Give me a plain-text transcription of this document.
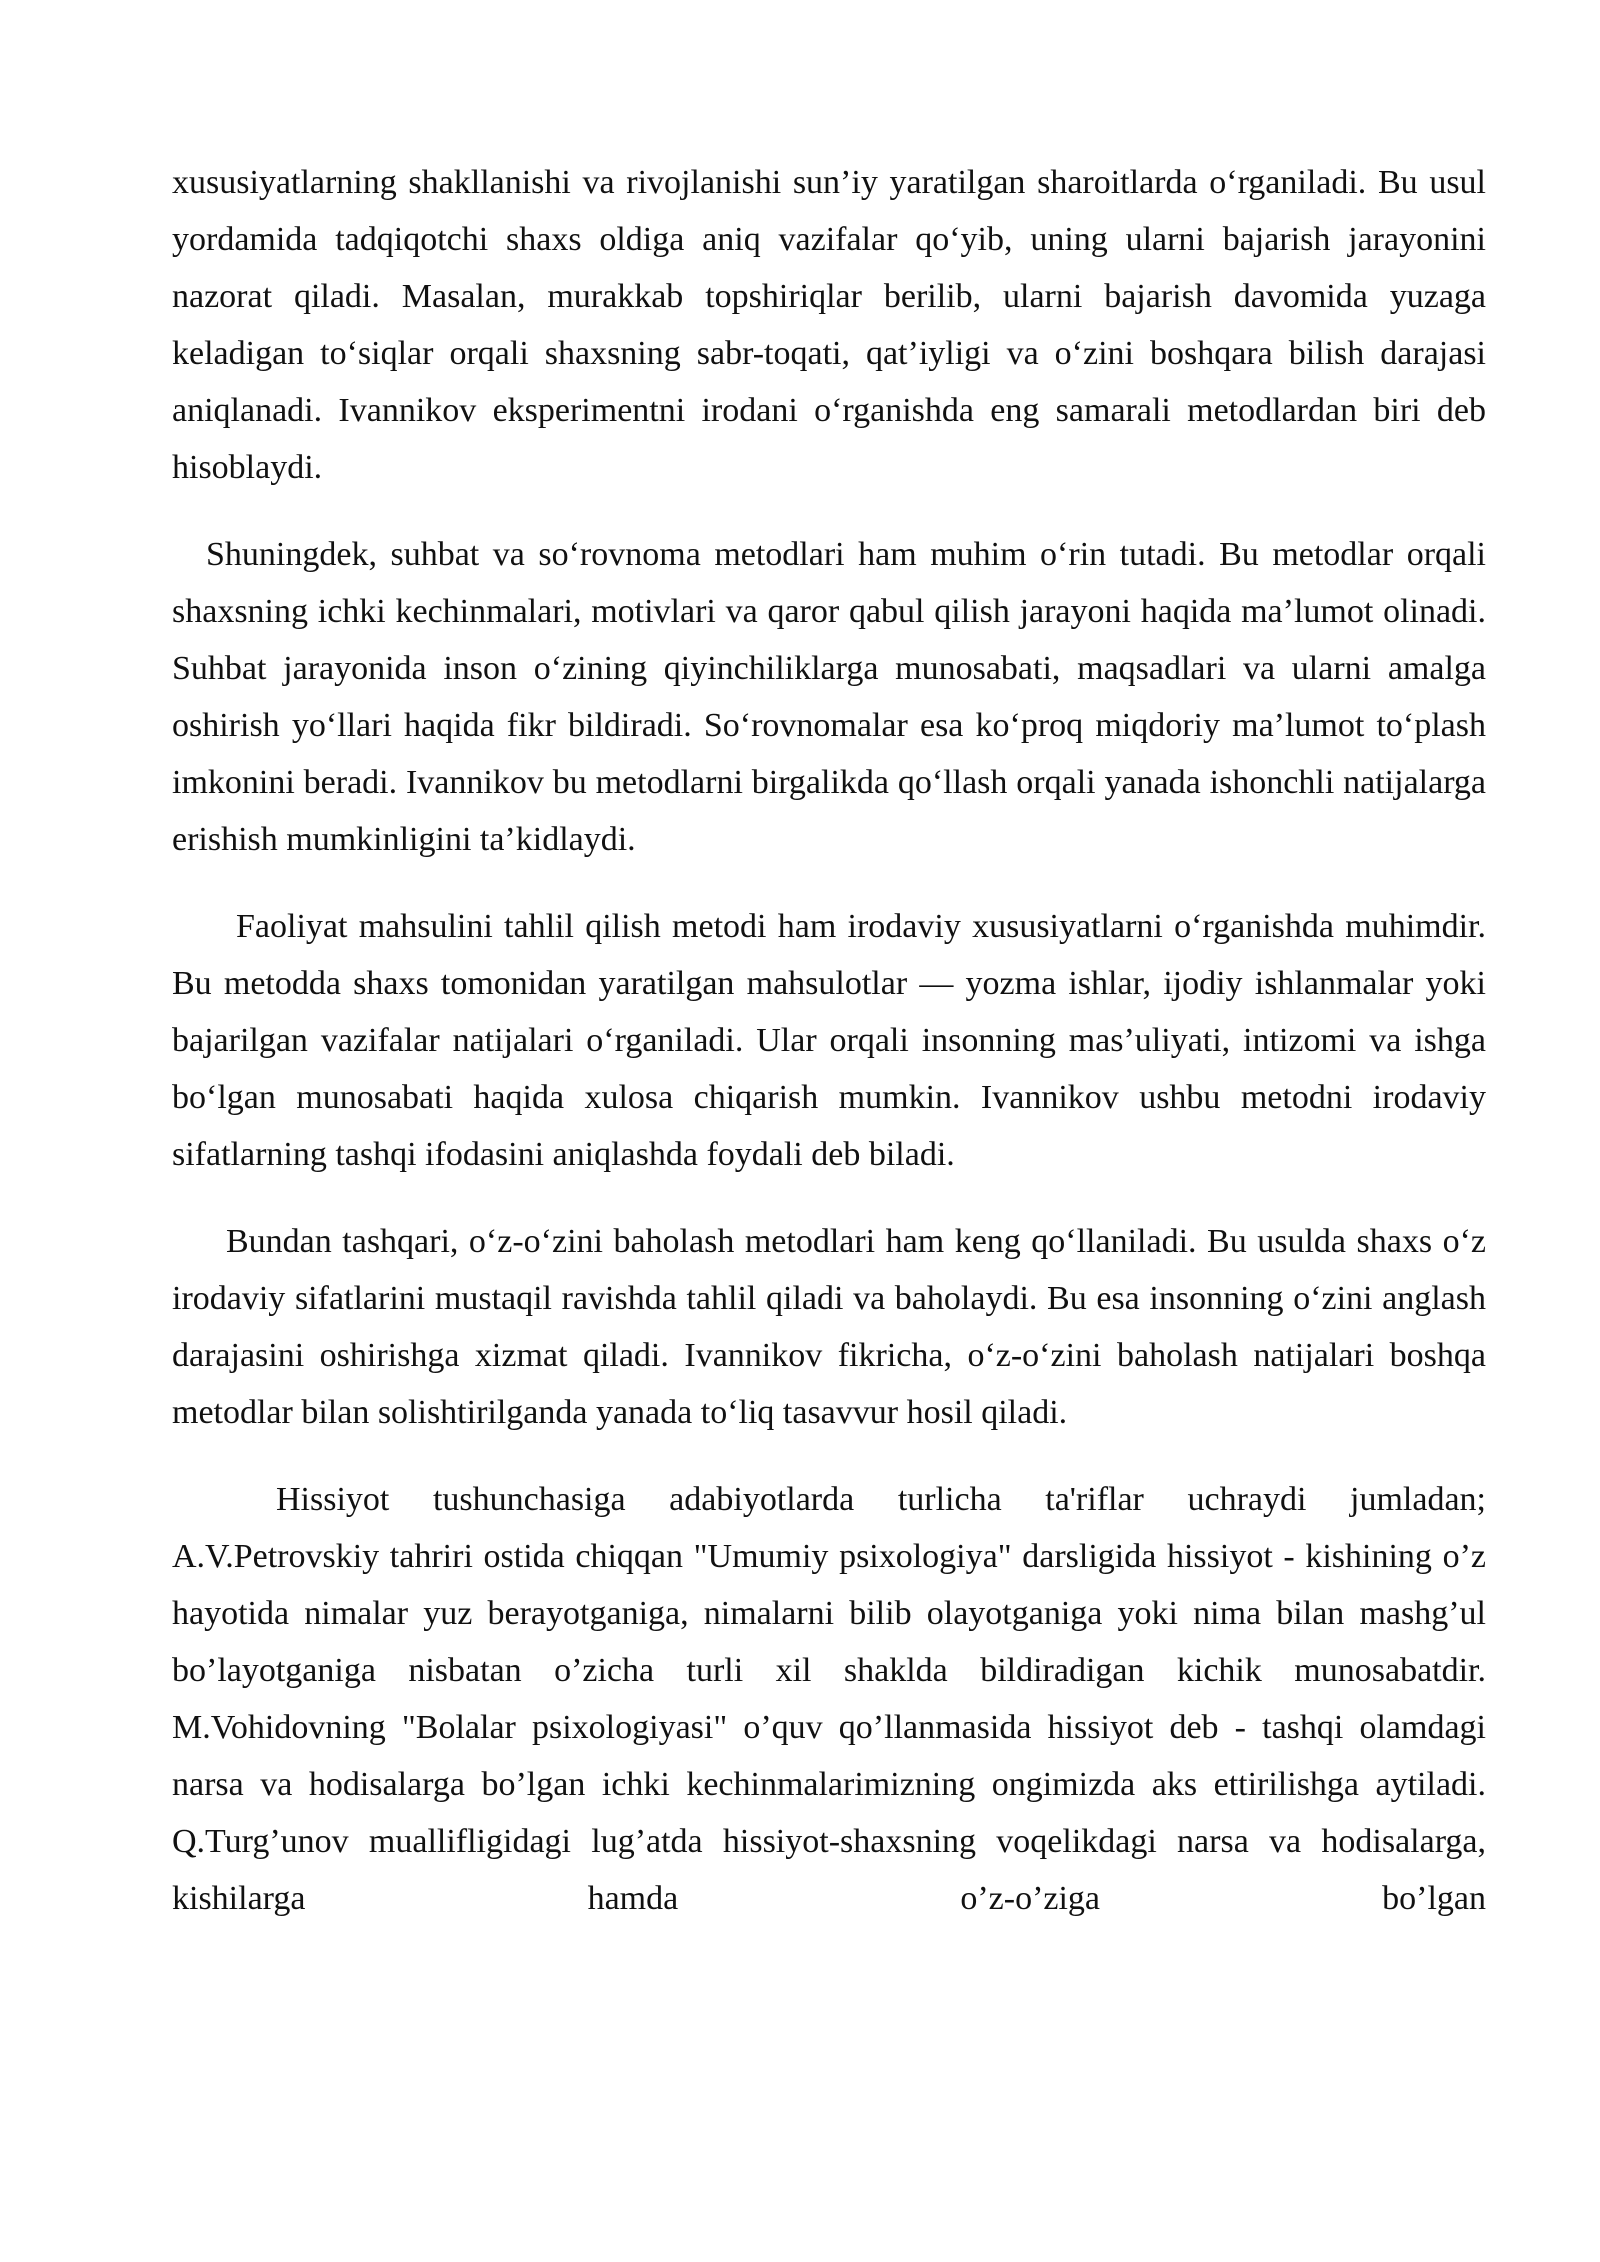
xususiyatlarning shakllanishi va rivojlanishi sun’iy yaratilgan sharoitlarda o‘rganiladi. Bu usul yordamida tadqiqotchi shaxs oldiga aniq vazifalar qo‘yib, uning ularni bajarish jarayonini nazorat qiladi. Masalan, murakkab topshiriqlar berilib, ularni bajarish davomida yuzaga keladigan to‘siqlar orqali shaxsning sabr-toqati, qat’iyligi va o‘zini boshqara bilish darajasi aniqlanadi. Ivannikov eksperimentni irodani o‘rganishda eng samarali metodlardan biri deb hisoblaydi.

Shuningdek, suhbat va so‘rovnoma metodlari ham muhim o‘rin tutadi. Bu metodlar orqali shaxsning ichki kechinmalari, motivlari va qaror qabul qilish jarayoni haqida ma’lumot olinadi. Suhbat jarayonida inson o‘zining qiyinchiliklarga munosabati, maqsadlari va ularni amalga oshirish yo‘llari haqida fikr bildiradi. So‘rovnomalar esa ko‘proq miqdoriy ma’lumot to‘plash imkonini beradi. Ivannikov bu metodlarni birgalikda qo‘llash orqali yanada ishonchli natijalarga erishish mumkinligini ta’kidlaydi.

Faoliyat mahsulini tahlil qilish metodi ham irodaviy xususiyatlarni o‘rganishda muhimdir. Bu metodda shaxs tomonidan yaratilgan mahsulotlar — yozma ishlar, ijodiy ishlanmalar yoki bajarilgan vazifalar natijalari o‘rganiladi. Ular orqali insonning mas’uliyati, intizomi va ishga bo‘lgan munosabati haqida xulosa chiqarish mumkin. Ivannikov ushbu metodni irodaviy sifatlarning tashqi ifodasini aniqlashda foydali deb biladi.

Bundan tashqari, o‘z-o‘zini baholash metodlari ham keng qo‘llaniladi. Bu usulda shaxs o‘z irodaviy sifatlarini mustaqil ravishda tahlil qiladi va baholaydi. Bu esa insonning o‘zini anglash darajasini oshirishga xizmat qiladi. Ivannikov fikricha, o‘z-o‘zini baholash natijalari boshqa metodlar bilan solishtirilganda yanada to‘liq tasavvur hosil qiladi.

Hissiyot tushunchasiga adabiyotlarda turlicha ta'riflar uchraydi jumladan; A.V.Petrovskiy tahriri ostida chiqqan "Umumiy psixologiya" darsligida hissiyot - kishining o’z hayotida nimalar yuz berayotganiga, nimalarni bilib olayotganiga yoki nima bilan mashg’ul bo’layotganiga nisbatan o’zicha turli xil shaklda bildiradigan kichik munosabatdir. M.Vohidovning "Bolalar psixologiyasi" o’quv qo’llanmasida hissiyot deb - tashqi olamdagi narsa va hodisalarga bo’lgan ichki kechinmalarimizning ongimizda aks ettirilishga aytiladi. Q.Turg’unov muallifligidagi lug’atda hissiyot-shaxsning voqelikdagi narsa va hodisalarga, kishilarga hamda o’z-o’ziga bo’lgan
